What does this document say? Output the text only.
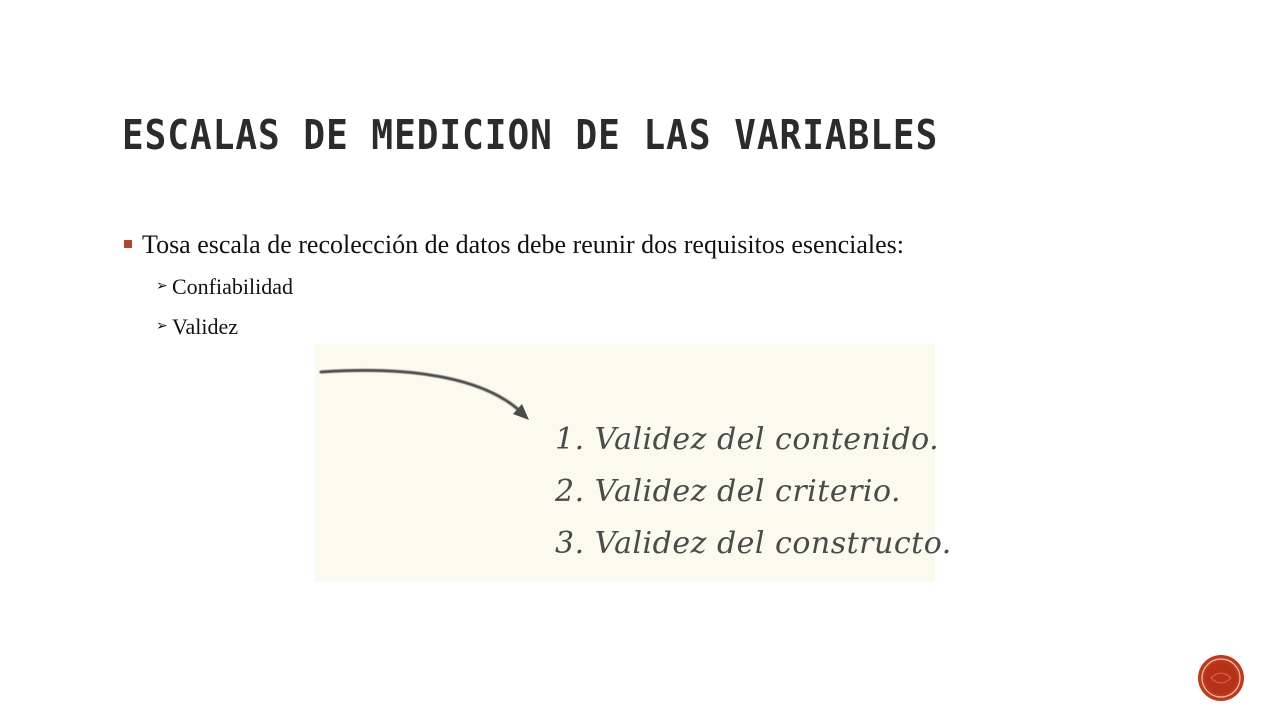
ESCALAS DE MEDICION DE LAS VARIABLES
Tosa escala de recolección de datos debe reunir dos requisitos esenciales:
➢ Confiabilidad
➢ Validez
1. Validez del contenido.
2. Validez del criterio.
3. Validez del constructo.
